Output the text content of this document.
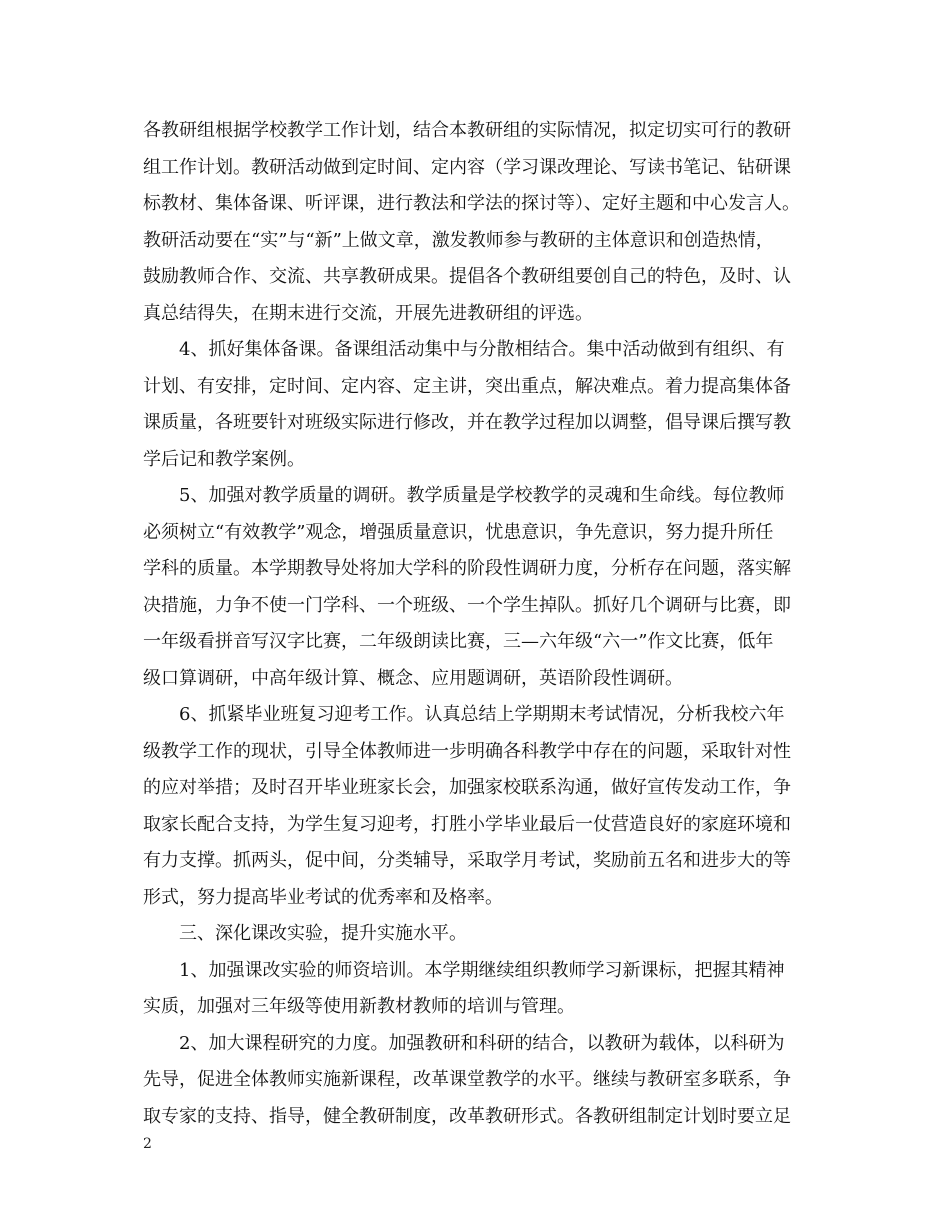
各教研组根据学校教学工作计划，结合本教研组的实际情况，拟定切实可行的教研
组工作计划。教研活动做到定时间、定内容（学习课改理论、写读书笔记、钻研课
标教材、集体备课、听评课，进行教法和学法的探讨等）、定好主题和中心发言人。
教研活动要在“实”与“新”上做文章，激发教师参与教研的主体意识和创造热情，
鼓励教师合作、交流、共享教研成果。提倡各个教研组要创自己的特色，及时、认
真总结得失，在期末进行交流，开展先进教研组的评选。
4、抓好集体备课。备课组活动集中与分散相结合。集中活动做到有组织、有
计划、有安排，定时间、定内容、定主讲，突出重点，解决难点。着力提高集体备
课质量，各班要针对班级实际进行修改，并在教学过程加以调整，倡导课后撰写教
学后记和教学案例。
5、加强对教学质量的调研。教学质量是学校教学的灵魂和生命线。每位教师
必须树立“有效教学”观念，增强质量意识，忧患意识，争先意识，努力提升所任
学科的质量。本学期教导处将加大学科的阶段性调研力度，分析存在问题，落实解
决措施，力争不使一门学科、一个班级、一个学生掉队。抓好几个调研与比赛，即
一年级看拼音写汉字比赛，二年级朗读比赛，三—六年级“六一”作文比赛，低年
级口算调研，中高年级计算、概念、应用题调研，英语阶段性调研。
6、抓紧毕业班复习迎考工作。认真总结上学期期末考试情况，分析我校六年
级教学工作的现状，引导全体教师进一步明确各科教学中存在的问题，采取针对性
的应对举措；及时召开毕业班家长会，加强家校联系沟通，做好宣传发动工作，争
取家长配合支持，为学生复习迎考，打胜小学毕业最后一仗营造良好的家庭环境和
有力支撑。抓两头，促中间，分类辅导，采取学月考试，奖励前五名和进步大的等
形式，努力提高毕业考试的优秀率和及格率。
三、深化课改实验，提升实施水平。
1、加强课改实验的师资培训。本学期继续组织教师学习新课标，把握其精神
实质，加强对三年级等使用新教材教师的培训与管理。
2、加大课程研究的力度。加强教研和科研的结合，以教研为载体，以科研为
先导，促进全体教师实施新课程，改革课堂教学的水平。继续与教研室多联系，争
取专家的支持、指导，健全教研制度，改革教研形式。各教研组制定计划时要立足
2
